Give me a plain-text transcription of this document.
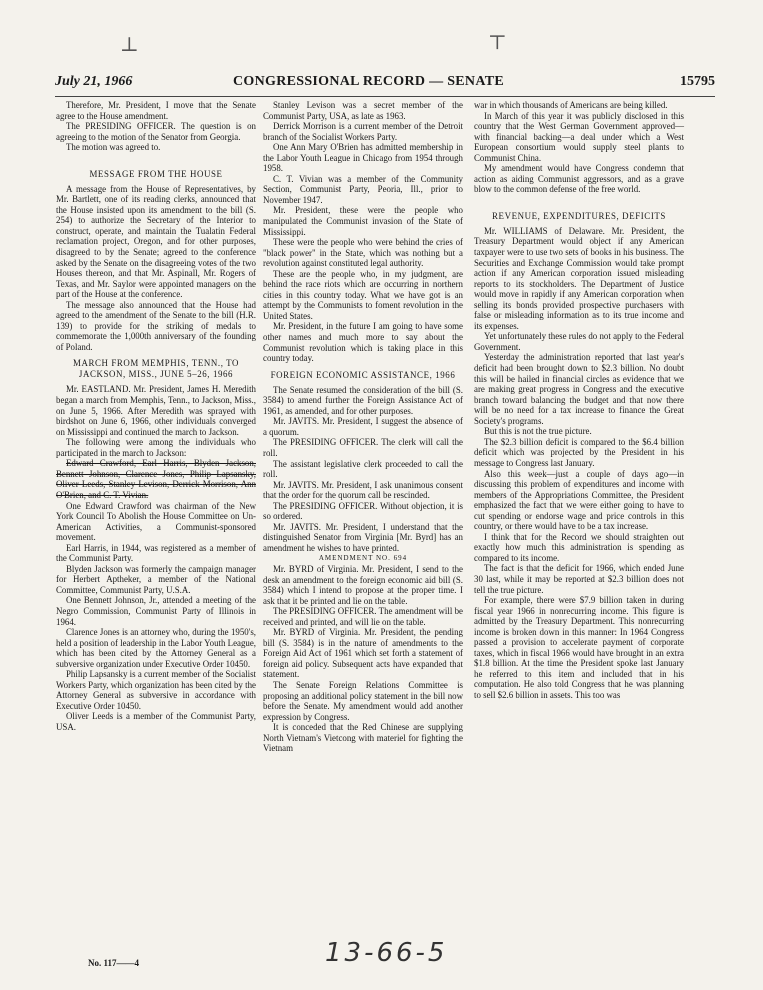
⊥	⊤
July 21, 1966	CONGRESSIONAL RECORD — SENATE	15795

Therefore, Mr. President, I move that the Senate agree to the House amendment.

The PRESIDING OFFICER. The question is on agreeing to the motion of the Senator from Georgia.

The motion was agreed to.

MESSAGE FROM THE HOUSE

A message from the House of Representatives, by Mr. Bartlett, one of its reading clerks, announced that the House insisted upon its amendment to the bill (S. 254) to authorize the Secretary of the Interior to construct, operate, and maintain the Tualatin Federal reclamation project, Oregon, and for other purposes, disagreed to by the Senate; agreed to the conference asked by the Senate on the disagreeing votes of the two Houses thereon, and that Mr. Aspinall, Mr. Rogers of Texas, and Mr. Saylor were appointed managers on the part of the House at the conference.

The message also announced that the House had agreed to the amendment of the Senate to the bill (H.R. 139) to provide for the striking of medals to commemorate the 1,000th anniversary of the founding of Poland.

MARCH FROM MEMPHIS, TENN., TO JACKSON, MISS., JUNE 5–26, 1966

Mr. EASTLAND. Mr. President, James H. Meredith began a march from Memphis, Tenn., to Jackson, Miss., on June 5, 1966. After Meredith was sprayed with birdshot on June 6, 1966, other individuals converged on Mississippi and continued the march to Jackson.

The following were among the individuals who participated in the march to Jackson:

Edward Crawford, Earl Harris, Blyden Jackson, Bennett Johnson, Clarence Jones, Philip Lapsansky, Oliver Leeds, Stanley Levison, Derrick Morrison, Ann O'Brien, and C. T. Vivian.

One Edward Crawford was chairman of the New York Council To Abolish the House Committee on Un-American Activities, a Communist-sponsored movement.

Earl Harris, in 1944, was registered as a member of the Communist Party.

Blyden Jackson was formerly the campaign manager for Herbert Aptheker, a member of the National Committee, Communist Party, U.S.A.

One Bennett Johnson, Jr., attended a meeting of the Negro Commission, Communist Party of Illinois in 1964.

Clarence Jones is an attorney who, during the 1950's, held a position of leadership in the Labor Youth League, which has been cited by the Attorney General as a subversive organization under Executive Order 10450.

Philip Lapsansky is a current member of the Socialist Workers Party, which organization has been cited by the Attorney General as subversive in accordance with Executive Order 10450.

Oliver Leeds is a member of the Communist Party, USA.

Stanley Levison was a secret member of the Communist Party, USA, as late as 1963.

Derrick Morrison is a current member of the Detroit branch of the Socialist Workers Party.

One Ann Mary O'Brien has admitted membership in the Labor Youth League in Chicago from 1954 through 1958.

C. T. Vivian was a member of the Community Section, Communist Party, Peoria, Ill., prior to November 1947.

Mr. President, these were the people who manipulated the Communist invasion of the State of Mississippi.

These were the people who were behind the cries of "black power" in the State, which was nothing but a revolution against constituted legal authority.

These are the people who, in my judgment, are behind the race riots which are occurring in northern cities in this country today. What we have got is an attempt by the Communists to foment revolution in the United States.

Mr. President, in the future I am going to have some other names and much more to say about the Communist revolution which is taking place in this country today.

FOREIGN ECONOMIC ASSISTANCE, 1966

The Senate resumed the consideration of the bill (S. 3584) to amend further the Foreign Assistance Act of 1961, as amended, and for other purposes.

Mr. JAVITS. Mr. President, I suggest the absence of a quorum.

The PRESIDING OFFICER. The clerk will call the roll.

The assistant legislative clerk proceeded to call the roll.

Mr. JAVITS. Mr. President, I ask unanimous consent that the order for the quorum call be rescinded.

The PRESIDING OFFICER. Without objection, it is so ordered.

Mr. JAVITS. Mr. President, I understand that the distinguished Senator from Virginia [Mr. Byrd] has an amendment he wishes to have printed.

AMENDMENT NO. 694

Mr. BYRD of Virginia. Mr. President, I send to the desk an amendment to the foreign economic aid bill (S. 3584) which I intend to propose at the proper time. I ask that it be printed and lie on the table.

The PRESIDING OFFICER. The amendment will be received and printed, and will lie on the table.

Mr. BYRD of Virginia. Mr. President, the pending bill (S. 3584) is in the nature of amendments to the Foreign Aid Act of 1961 which set forth a statement of foreign aid policy. Subsequent acts have expanded that statement.

The Senate Foreign Relations Committee is proposing an additional policy statement in the bill now before the Senate. My amendment would add another expression by Congress.

It is conceded that the Red Chinese are supplying North Vietnam's Vietcong with materiel for fighting the Vietnam

war in which thousands of Americans are being killed.

In March of this year it was publicly disclosed in this country that the West German Government approved—with financial backing—a deal under which a West European consortium would supply steel plants to Communist China.

My amendment would have Congress condemn that action as aiding Communist aggressors, and as a grave blow to the common defense of the free world.

REVENUE, EXPENDITURES, DEFICITS

Mr. WILLIAMS of Delaware. Mr. President, the Treasury Department would object if any American taxpayer were to use two sets of books in his business. The Securities and Exchange Commission would take prompt action if any American corporation issued misleading reports to its stockholders. The Department of Justice would move in rapidly if any American corporation when selling its bonds provided prospective purchasers with false or misleading information as to its true income and its expenses.

Yet unfortunately these rules do not apply to the Federal Government.

Yesterday the administration reported that last year's deficit had been brought down to $2.3 billion. No doubt this will be hailed in financial circles as evidence that we are making great progress in Congress and the executive branch toward balancing the budget and that now there will be no need for a tax increase to finance the Great Society's programs.

But this is not the true picture.

The $2.3 billion deficit is compared to the $6.4 billion deficit which was projected by the President in his message to Congress last January.

Also this week—just a couple of days ago—in discussing this problem of expenditures and income with members of the Appropriations Committee, the President emphasized the fact that we were either going to have to cut spending or endorse wage and price controls in this country, or there would have to be a tax increase.

I think that for the Record we should straighten out exactly how much this administration is spending as compared to its income.

The fact is that the deficit for 1966, which ended June 30 last, while it may be reported at $2.3 billion does not tell the true picture.

For example, there were $7.9 billion taken in during fiscal year 1966 in nonrecurring income. This figure is admitted by the Treasury Department. This nonrecurring income is broken down in this manner: In 1964 Congress passed a provision to accelerate payment of corporate taxes, which in fiscal 1966 would have brought in an extra $1.8 billion. At the time the President spoke last January he referred to this item and included that in his computation. He also told Congress that he was planning to sell $2.6 billion in assets. This too was

No. 117——4	13-66-5
